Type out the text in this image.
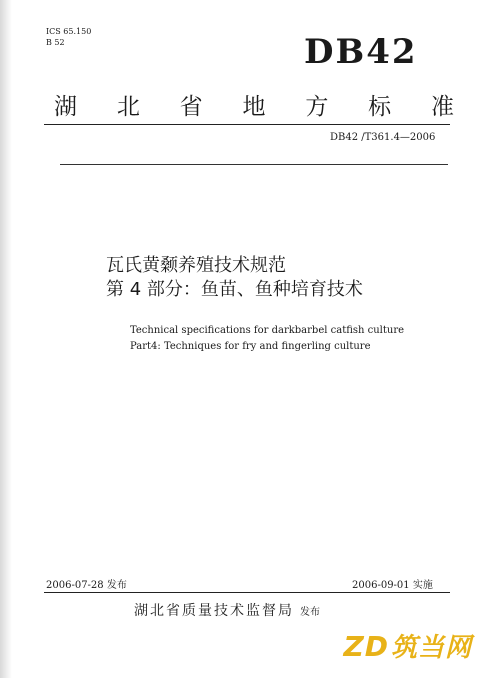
ICS 65.150
B 52	DB42
湖 北 省 地 方 标 准
DB42 /T361.4—2006
瓦氏黄颡养殖技术规范
第 4 部分：鱼苗、鱼种培育技术
Technical specifications for darkbarbel catfish culture
Part4: Techniques for fry and fingerling culture
2006-07-28 发布	2006-09-01 实施
湖北省质量技术监督局 发布
ZD筑当网
